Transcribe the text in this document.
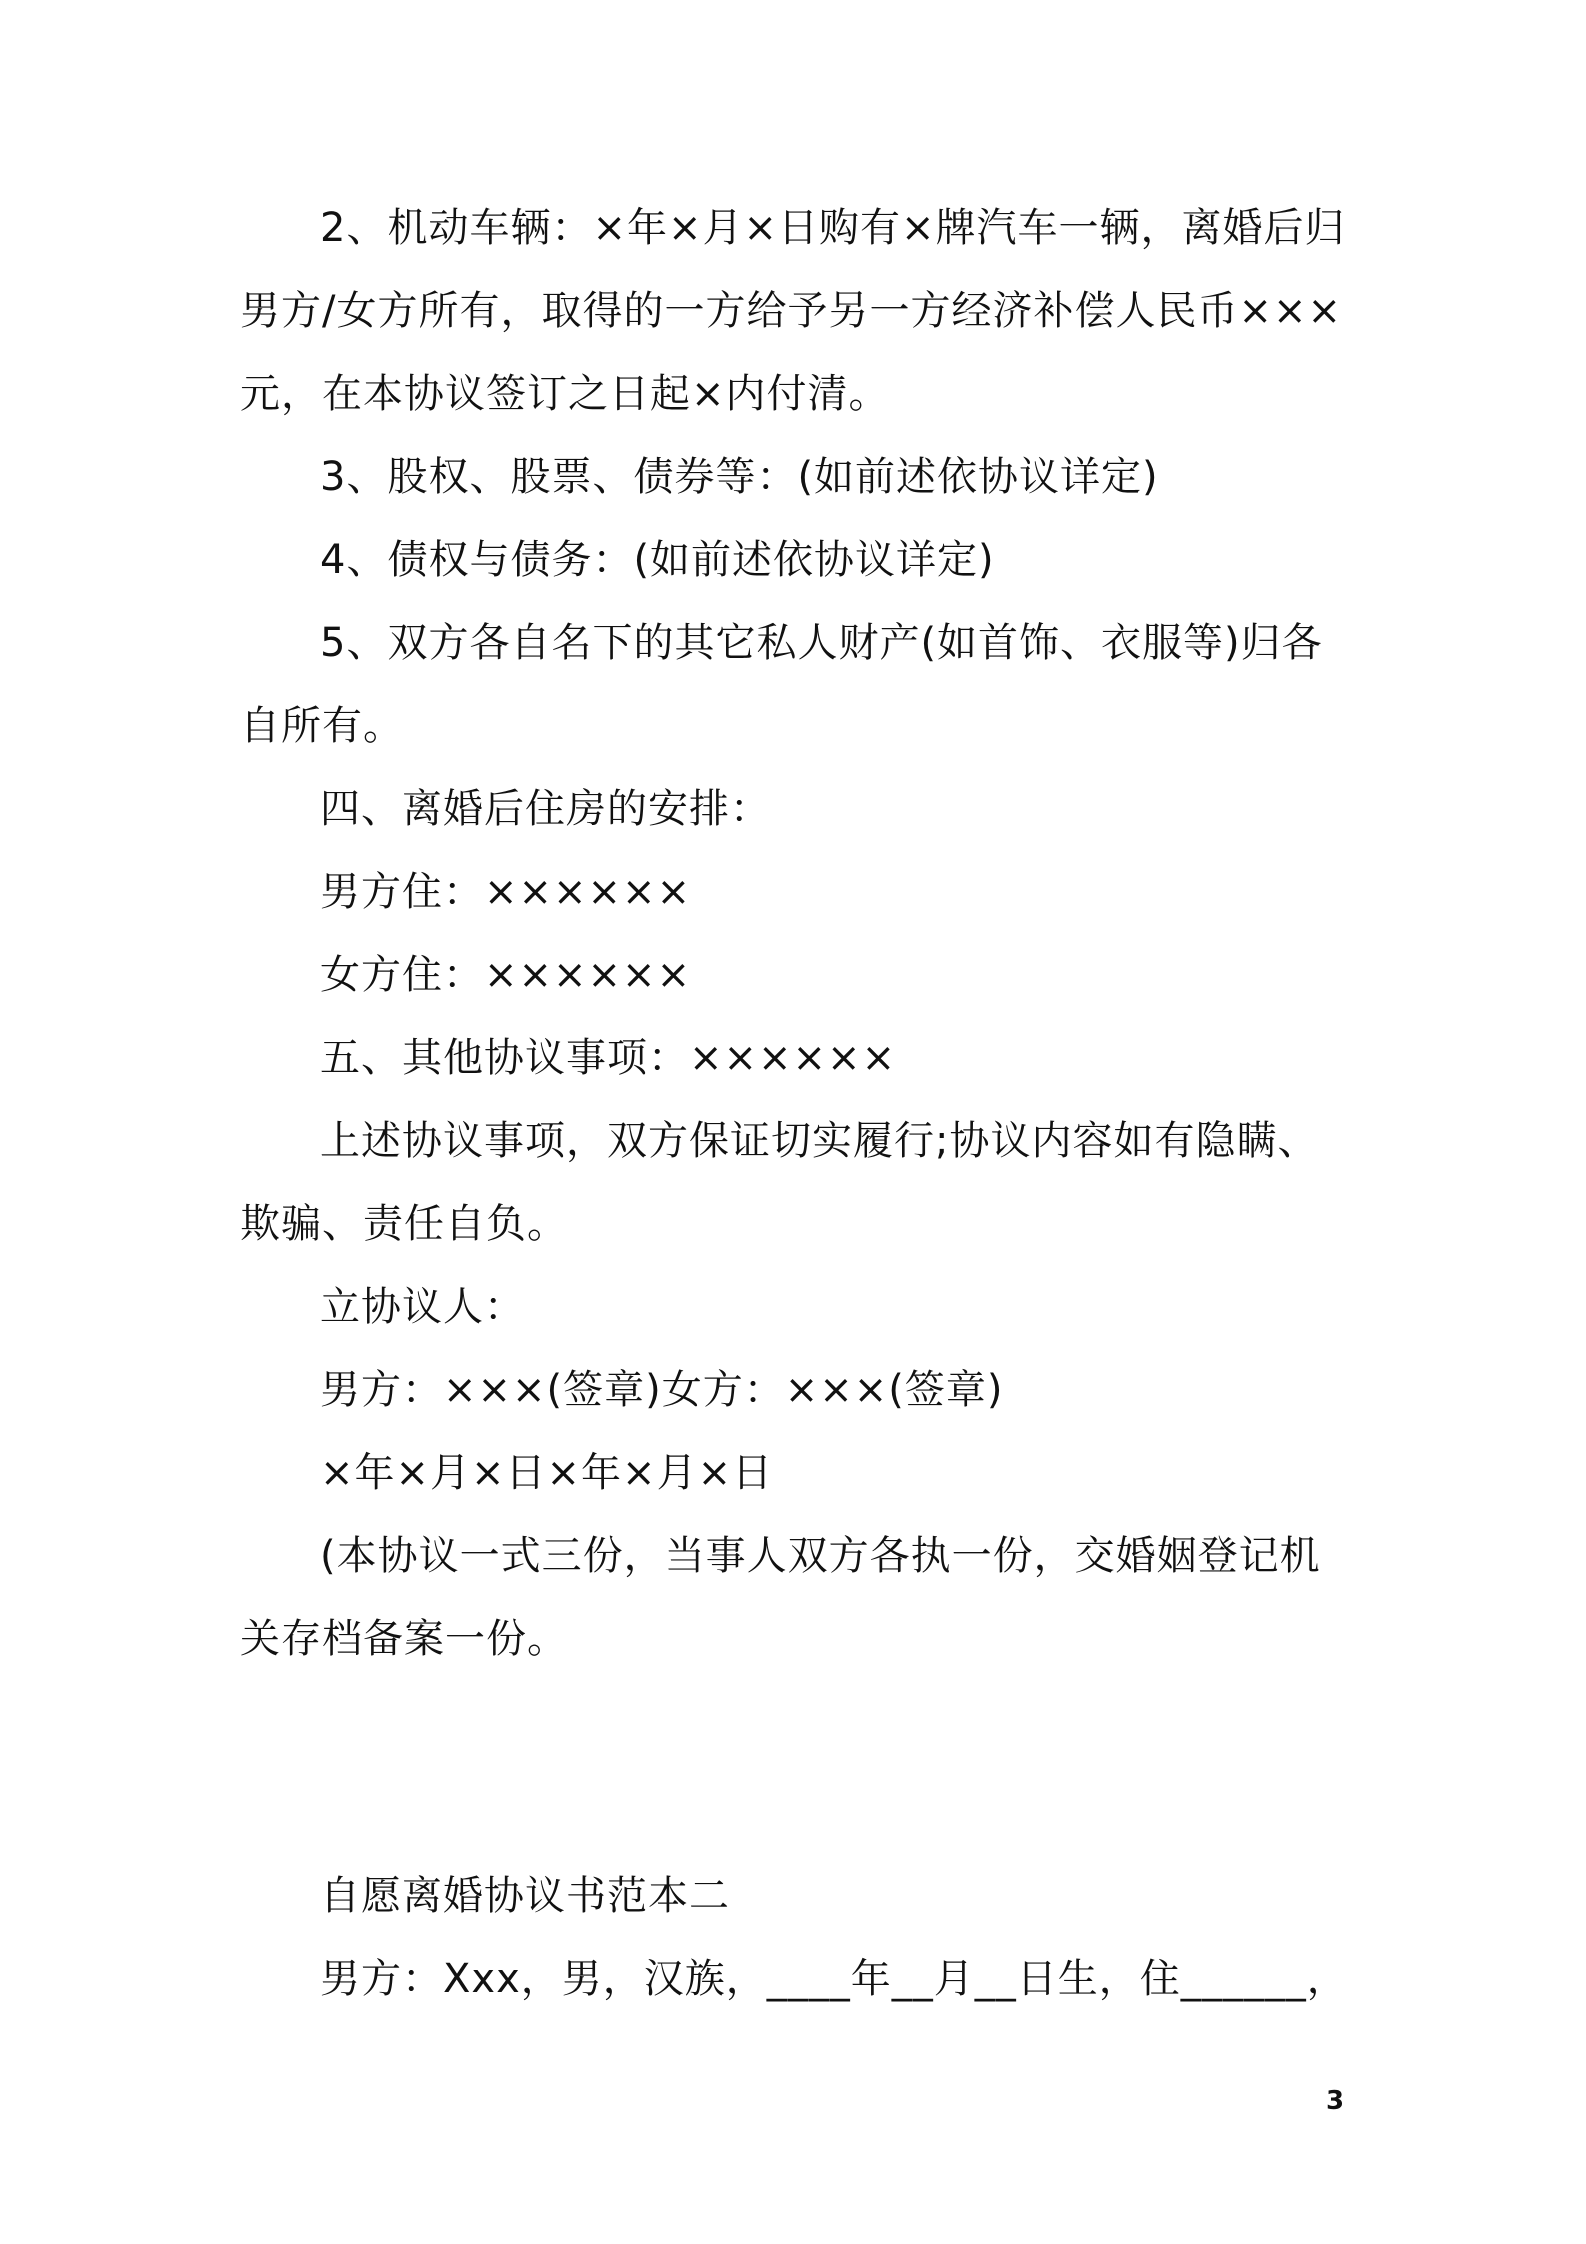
2、机动车辆：×年×月×日购有×牌汽车一辆，离婚后归男方/女方所有，取得的一方给予另一方经济补偿人民币×××元，在本协议签订之日起×内付清。

3、股权、股票、债券等：(如前述依协议详定)

4、债权与债务：(如前述依协议详定)

5、双方各自名下的其它私人财产(如首饰、衣服等)归各自所有。

四、离婚后住房的安排：

男方住：××××××

女方住：××××××

五、其他协议事项：××××××

上述协议事项，双方保证切实履行;协议内容如有隐瞒、欺骗、责任自负。

立协议人：

男方：×××(签章)女方：×××(签章)

×年×月×日×年×月×日

(本协议一式三份，当事人双方各执一份，交婚姻登记机关存档备案一份。

自愿离婚协议书范本二

男方：Xxx，男，汉族，____年__月__日生，住______，

3
